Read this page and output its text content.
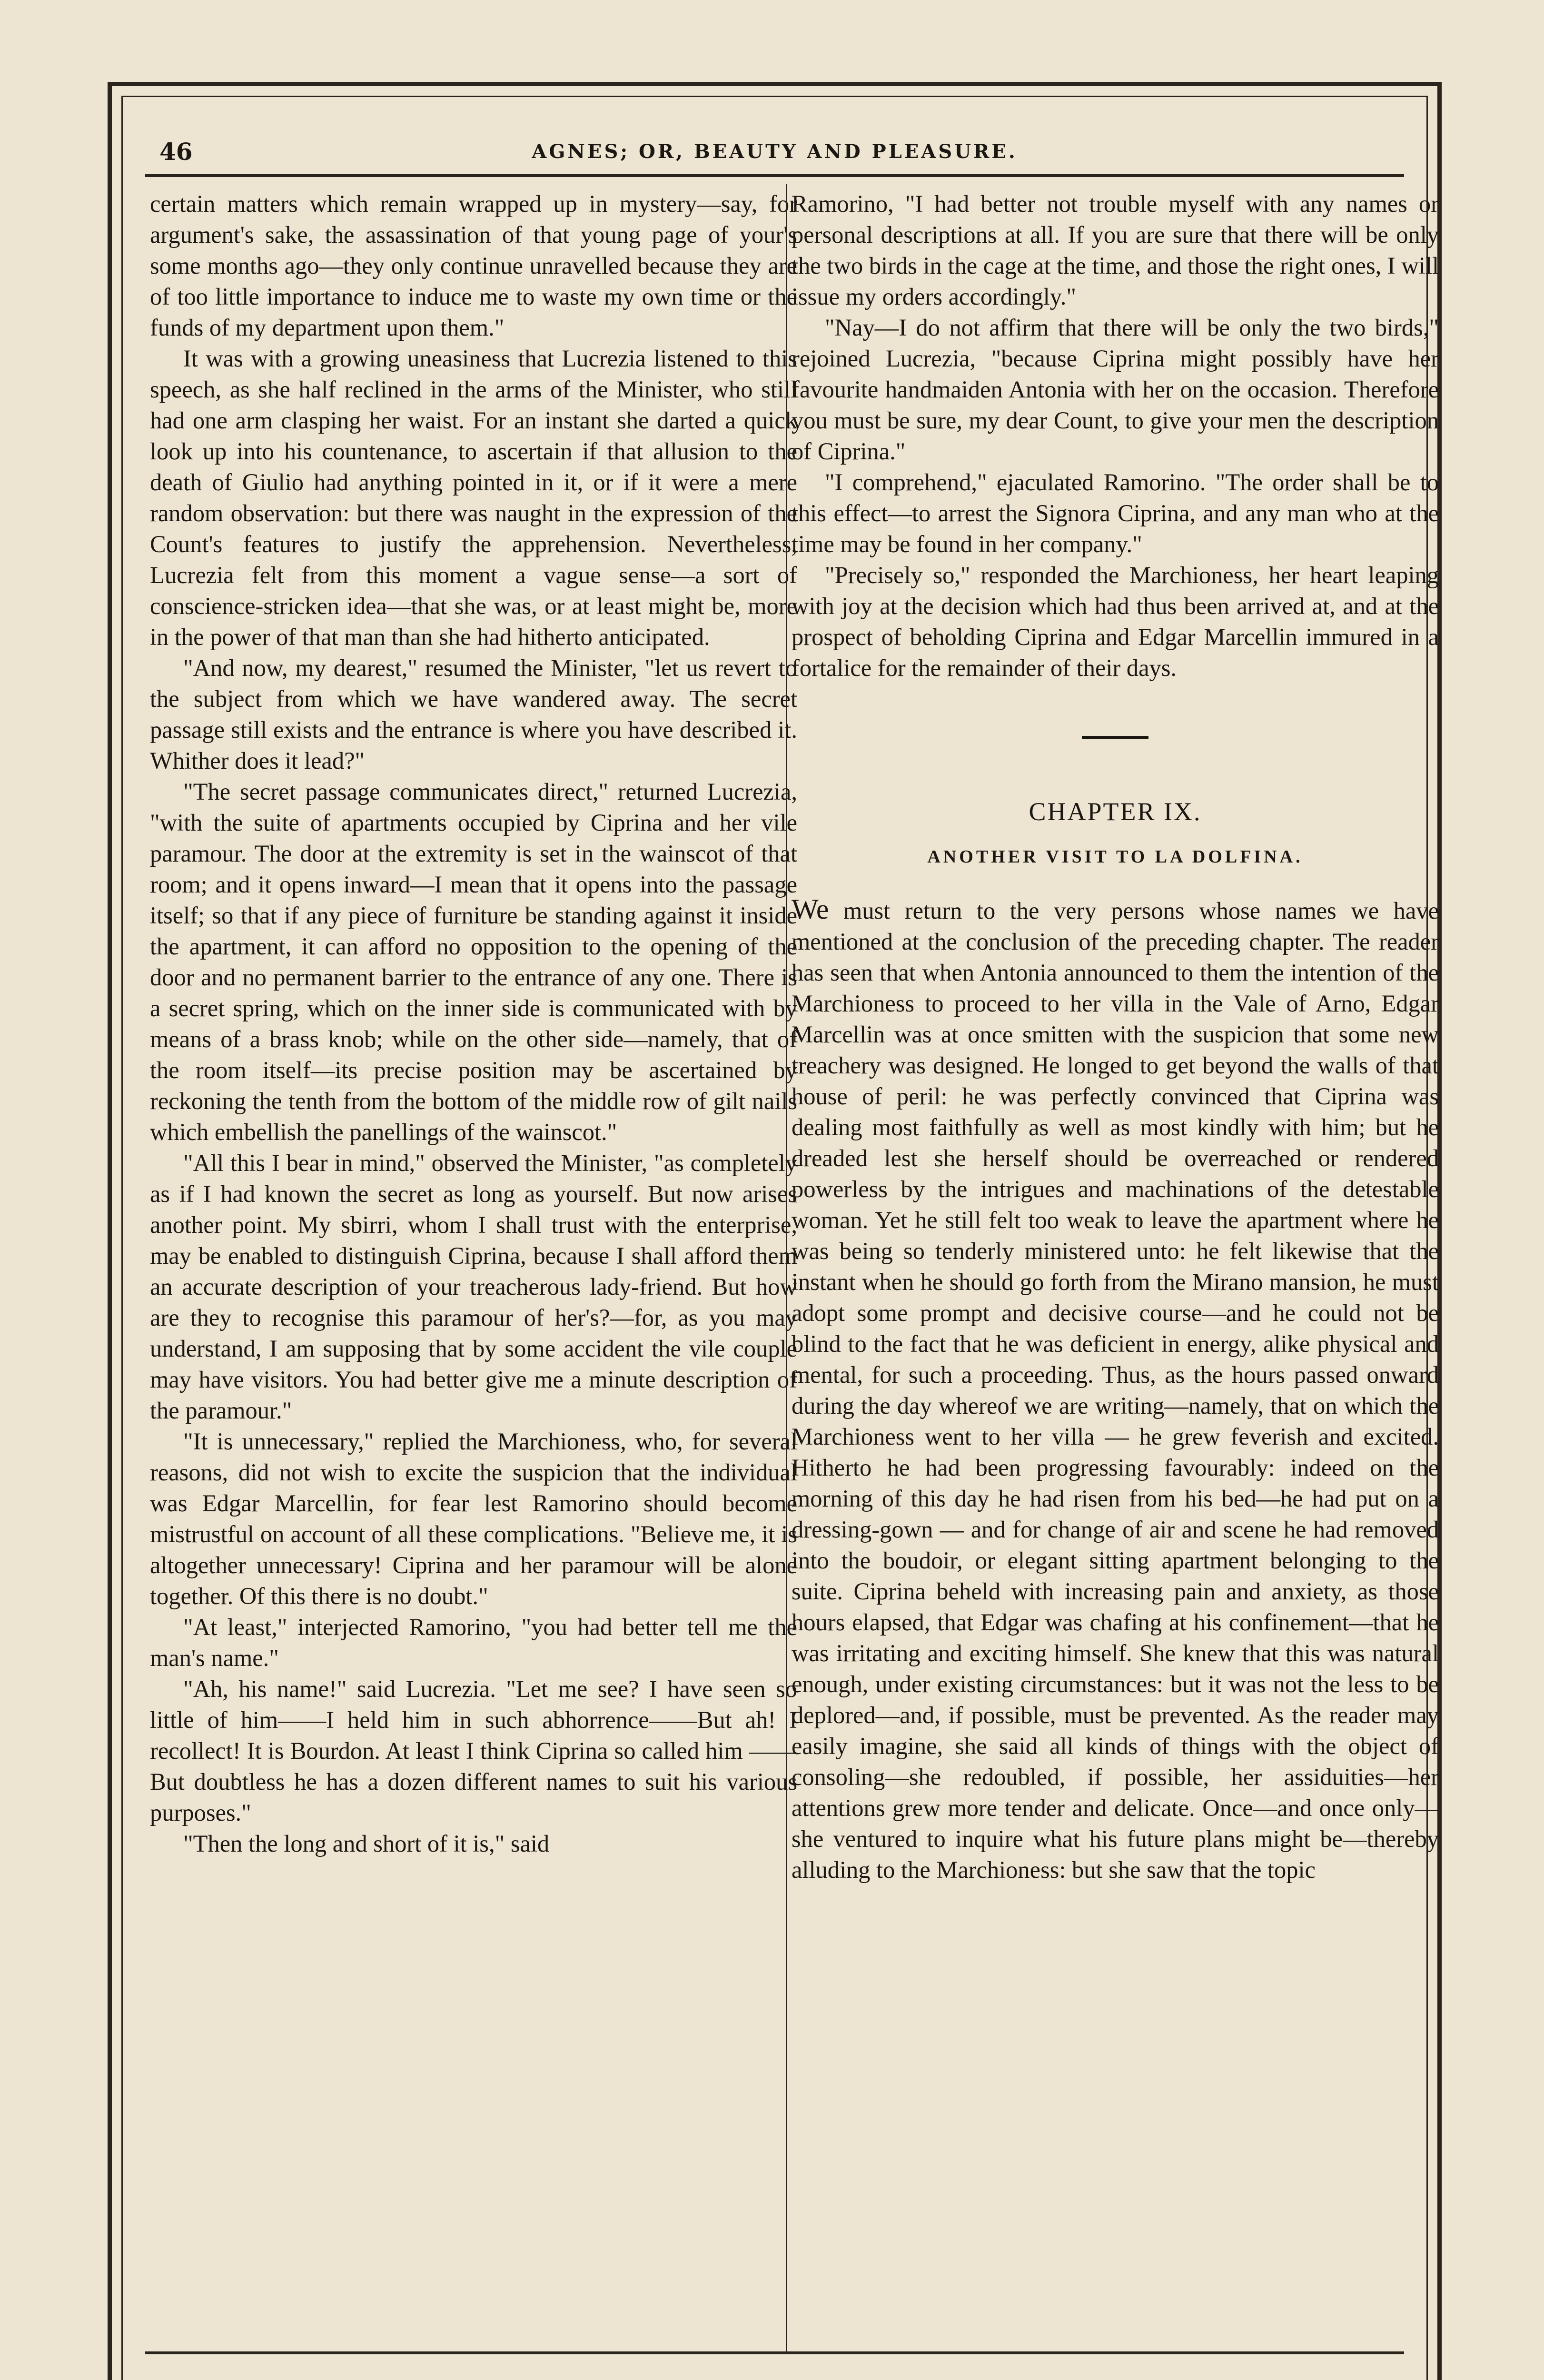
46	AGNES; OR, BEAUTY AND PLEASURE.

certain matters which remain wrapped up in mystery—say, for argument's sake, the assassination of that young page of your's some months ago—they only continue unravelled because they are of too little importance to induce me to waste my own time or the funds of my department upon them."

It was with a growing uneasiness that Lucrezia listened to this speech, as she half reclined in the arms of the Minister, who still had one arm clasping her waist. For an instant she darted a quick look up into his countenance, to ascertain if that allusion to the death of Giulio had anything pointed in it, or if it were a mere random observation: but there was naught in the expression of the Count's features to justify the apprehension. Nevertheless, Lucrezia felt from this moment a vague sense—a sort of conscience-stricken idea—that she was, or at least might be, more in the power of that man than she had hitherto anticipated.

"And now, my dearest," resumed the Minister, "let us revert to the subject from which we have wandered away. The secret passage still exists and the entrance is where you have described it. Whither does it lead?"

"The secret passage communicates direct," returned Lucrezia, "with the suite of apartments occupied by Ciprina and her vile paramour. The door at the extremity is set in the wainscot of that room; and it opens inward—I mean that it opens into the passage itself; so that if any piece of furniture be standing against it inside the apartment, it can afford no opposition to the opening of the door and no permanent barrier to the entrance of any one. There is a secret spring, which on the inner side is communicated with by means of a brass knob; while on the other side—namely, that of the room itself—its precise position may be ascertained by reckoning the tenth from the bottom of the middle row of gilt nails which embellish the panellings of the wainscot."

"All this I bear in mind," observed the Minister, "as completely as if I had known the secret as long as yourself. But now arises another point. My sbirri, whom I shall trust with the enterprise, may be enabled to distinguish Ciprina, because I shall afford them an accurate description of your treacherous lady-friend. But how are they to recognise this paramour of her's?—for, as you may understand, I am supposing that by some accident the vile couple may have visitors. You had better give me a minute description of the paramour."

"It is unnecessary," replied the Marchioness, who, for several reasons, did not wish to excite the suspicion that the individual was Edgar Marcellin, for fear lest Ramorino should become mistrustful on account of all these complications. "Believe me, it is altogether unnecessary! Ciprina and her paramour will be alone together. Of this there is no doubt."

"At least," interjected Ramorino, "you had better tell me the man's name."

"Ah, his name!" said Lucrezia. "Let me see? I have seen so little of him——I held him in such abhorrence——But ah! I recollect! It is Bourdon. At least I think Ciprina so called him ——But doubtless he has a dozen different names to suit his various purposes."

"Then the long and short of it is," said

Ramorino, "I had better not trouble myself with any names or personal descriptions at all. If you are sure that there will be only the two birds in the cage at the time, and those the right ones, I will issue my orders accordingly."

"Nay—I do not affirm that there will be only the two birds," rejoined Lucrezia, "because Ciprina might possibly have her favourite handmaiden Antonia with her on the occasion. Therefore you must be sure, my dear Count, to give your men the description of Ciprina."

"I comprehend," ejaculated Ramorino. "The order shall be to this effect—to arrest the Signora Ciprina, and any man who at the time may be found in her company."

"Precisely so," responded the Marchioness, her heart leaping with joy at the decision which had thus been arrived at, and at the prospect of beholding Ciprina and Edgar Marcellin immured in a fortalice for the remainder of their days.

CHAPTER IX.
ANOTHER VISIT TO LA DOLFINA.

We must return to the very persons whose names we have mentioned at the conclusion of the preceding chapter. The reader has seen that when Antonia announced to them the intention of the Marchioness to proceed to her villa in the Vale of Arno, Edgar Marcellin was at once smitten with the suspicion that some new treachery was designed. He longed to get beyond the walls of that house of peril: he was perfectly convinced that Ciprina was dealing most faithfully as well as most kindly with him; but he dreaded lest she herself should be overreached or rendered powerless by the intrigues and machinations of the detestable woman. Yet he still felt too weak to leave the apartment where he was being so tenderly ministered unto: he felt likewise that the instant when he should go forth from the Mirano mansion, he must adopt some prompt and decisive course—and he could not be blind to the fact that he was deficient in energy, alike physical and mental, for such a proceeding. Thus, as the hours passed onward during the day whereof we are writing—namely, that on which the Marchioness went to her villa — he grew feverish and excited. Hitherto he had been progressing favourably: indeed on the morning of this day he had risen from his bed—he had put on a dressing-gown — and for change of air and scene he had removed into the boudoir, or elegant sitting apartment belonging to the suite. Ciprina beheld with increasing pain and anxiety, as those hours elapsed, that Edgar was chafing at his confinement—that he was irritating and exciting himself. She knew that this was natural enough, under existing circumstances: but it was not the less to be deplored—and, if possible, must be prevented. As the reader may easily imagine, she said all kinds of things with the object of consoling—she redoubled, if possible, her assiduities—her attentions grew more tender and delicate. Once—and once only—she ventured to inquire what his future plans might be—thereby alluding to the Marchioness: but she saw that the topic
